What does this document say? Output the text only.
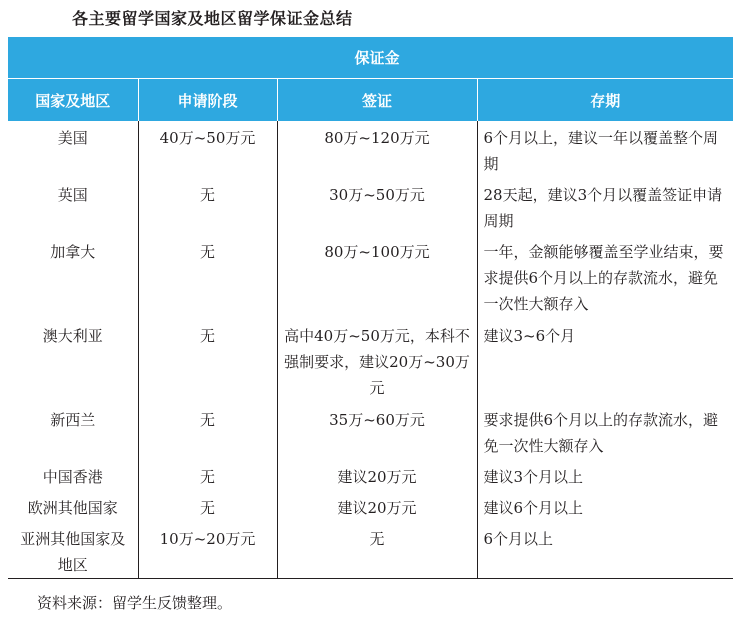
各主要留学国家及地区留学保证金总结
		保证金	
国家及地区	申请阶段	签证	存期
美国	40万~50万元	80万~120万元	6个月以上，建议一年以覆盖整个周期
英国	无	30万~50万元	28天起，建议3个月以覆盖签证申请周期
加拿大	无	80万~100万元	一年，金额能够覆盖至学业结束，要求提供6个月以上的存款流水，避免一次性大额存入
澳大利亚	无	高中40万~50万元，本科不强制要求，建议20万~30万元	建议3~6个月
新西兰	无	35万~60万元	要求提供6个月以上的存款流水，避免一次性大额存入
中国香港	无	建议20万元	建议3个月以上
欧洲其他国家	无	建议20万元	建议6个月以上
亚洲其他国家及地区	10万~20万元	无	6个月以上
资料来源：留学生反馈整理。
